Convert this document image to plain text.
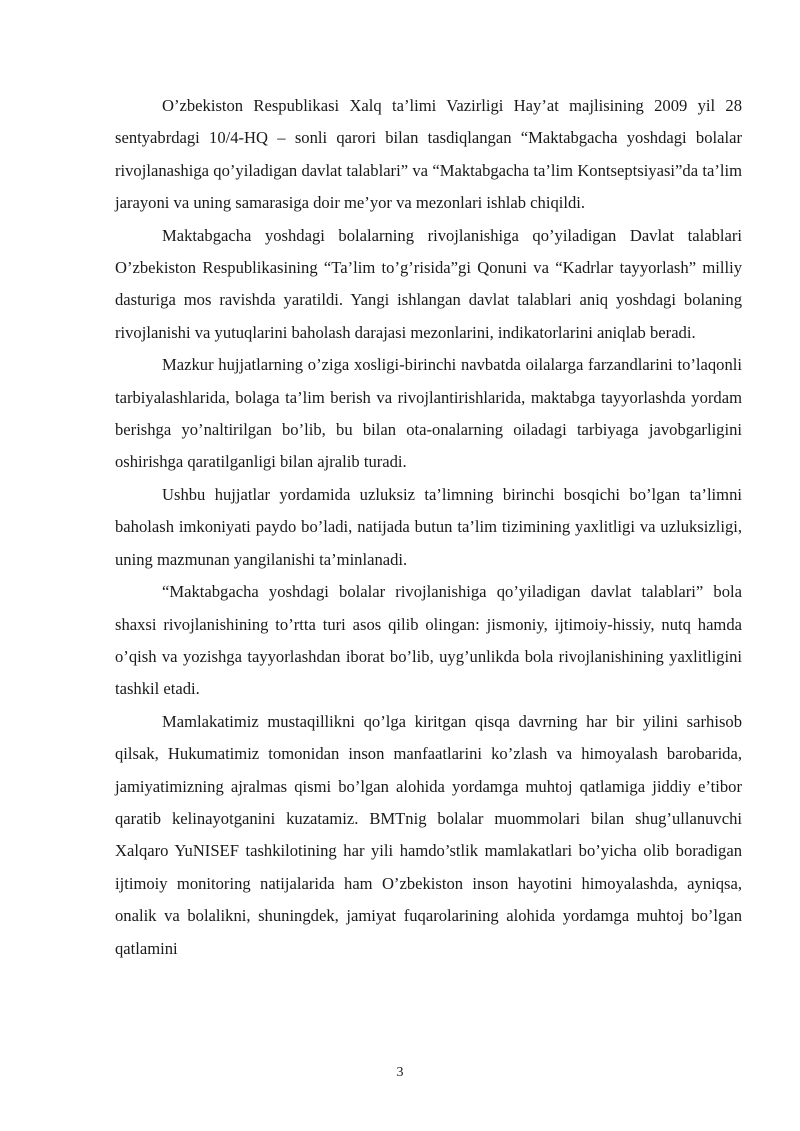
O’zbekiston Respublikasi Xalq ta’limi Vazirligi Hay’at majlisining 2009 yil 28 sentyabrdagi 10/4-HQ – sonli qarori bilan tasdiqlangan “Maktabgacha yoshdagi bolalar rivojlanashiga qo’yiladigan davlat talablari” va “Maktabgacha ta’lim Kontseptsiyasi”da ta’lim jarayoni va uning samarasiga doir me’yor va mezonlari ishlab chiqildi.

Maktabgacha yoshdagi bolalarning rivojlanishiga qo’yiladigan Davlat talablari O’zbekiston Respublikasining “Ta’lim to’g’risida”gi Qonuni va “Kadrlar tayyorlash” milliy dasturiga mos ravishda yaratildi. Yangi ishlangan davlat talablari aniq yoshdagi bolaning rivojlanishi va yutuqlarini baholash darajasi mezonlarini, indikatorlarini aniqlab beradi.

Mazkur hujjatlarning o’ziga xosligi-birinchi navbatda oilalarga farzandlarini to’laqonli tarbiyalashlarida, bolaga ta’lim berish va rivojlantirishlarida, maktabga tayyorlashda yordam berishga yo’naltirilgan bo’lib, bu bilan ota-onalarning oiladagi tarbiyaga javobgarligini oshirishga qaratilganligi bilan ajralib turadi.

Ushbu hujjatlar yordamida uzluksiz ta’limning birinchi bosqichi bo’lgan ta’limni baholash imkoniyati paydo bo’ladi, natijada butun ta’lim tizimining yaxlitligi va uzluksizligi, uning mazmunan yangilanishi ta’minlanadi.

“Maktabgacha yoshdagi bolalar rivojlanishiga qo’yiladigan davlat talablari” bola shaxsi rivojlanishining to’rtta turi asos qilib olingan: jismoniy, ijtimoiy-hissiy, nutq hamda o’qish va yozishga tayyorlashdan iborat bo’lib, uyg’unlikda bola rivojlanishining yaxlitligini tashkil etadi.

Mamlakatimiz mustaqillikni qo’lga kiritgan qisqa davrning har bir yilini sarhisob qilsak, Hukumatimiz tomonidan inson manfaatlarini ko’zlash va himoyalash barobarida, jamiyatimizning ajralmas qismi bo’lgan alohida yordamga muhtoj qatlamiga jiddiy e’tibor qaratib kelinayotganini kuzatamiz. BMTnig bolalar muommolari bilan shug’ullanuvchi Xalqaro YuNISEF tashkilotining har yili hamdo’stlik mamlakatlari bo’yicha olib boradigan ijtimoiy monitoring natijalarida ham O’zbekiston inson hayotini himoyalashda, ayniqsa, onalik va bolalikni, shuningdek, jamiyat fuqarolarining alohida yordamga muhtoj bo’lgan qatlamini

3
